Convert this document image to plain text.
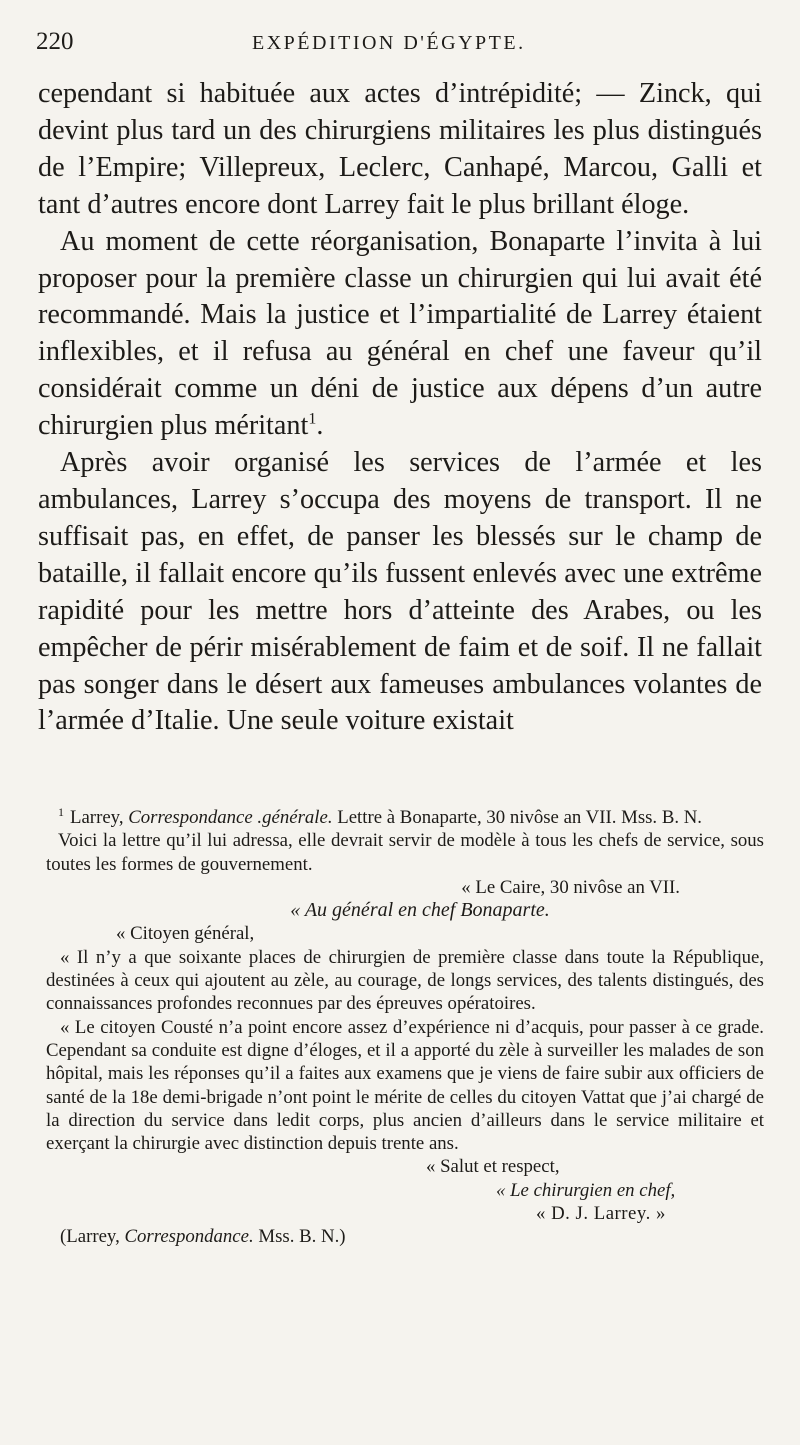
220	EXPÉDITION D'ÉGYPTE.

cependant si habituée aux actes d’intrépidité; — Zinck, qui devint plus tard un des chirurgiens militaires les plus distingués de l’Empire; Villepreux, Leclerc, Canhapé, Marcou, Galli et tant d’autres encore dont Larrey fait le plus brillant éloge.

Au moment de cette réorganisation, Bonaparte l’invita à lui proposer pour la première classe un chirurgien qui lui avait été recommandé. Mais la justice et l’impartialité de Larrey étaient inflexibles, et il refusa au général en chef une faveur qu’il considérait comme un déni de justice aux dépens d’un autre chirurgien plus méritant$^1$.

Après avoir organisé les services de l’armée et les ambulances, Larrey s’occupa des moyens de transport. Il ne suffisait pas, en effet, de panser les blessés sur le champ de bataille, il fallait encore qu’ils fussent enlevés avec une extrême rapidité pour les mettre hors d’atteinte des Arabes, ou les empêcher de périr misérablement de faim et de soif. Il ne fallait pas songer dans le désert aux fameuses ambulances volantes de l’armée d’Italie. Une seule voiture existait

$^1$ Larrey, Correspondance .générale. Lettre à Bonaparte, 30 nivôse an VII. Mss. B. N.

Voici la lettre qu’il lui adressa, elle devrait servir de modèle à tous les chefs de service, sous toutes les formes de gouvernement.

« Le Caire, 30 nivôse an VII.

« Au général en chef Bonaparte.

« Citoyen général,

« Il n’y a que soixante places de chirurgien de première classe dans toute la République, destinées à ceux qui ajoutent au zèle, au courage, de longs services, des talents distingués, des connaissances profondes reconnues par des épreuves opératoires.

« Le citoyen Cousté n’a point encore assez d’expérience ni d’acquis, pour passer à ce grade. Cependant sa conduite est digne d’éloges, et il a apporté du zèle à surveiller les malades de son hôpital, mais les réponses qu’il a faites aux examens que je viens de faire subir aux officiers de santé de la 18e demi-brigade n’ont point le mérite de celles du citoyen Vattat que j’ai chargé de la direction du service dans ledit corps, plus ancien d’ailleurs dans le service militaire et exerçant la chirurgie avec distinction depuis trente ans.

« Salut et respect,

« Le chirurgien en chef,

« D. J. Larrey. »

(Larrey, Correspondance. Mss. B. N.)
